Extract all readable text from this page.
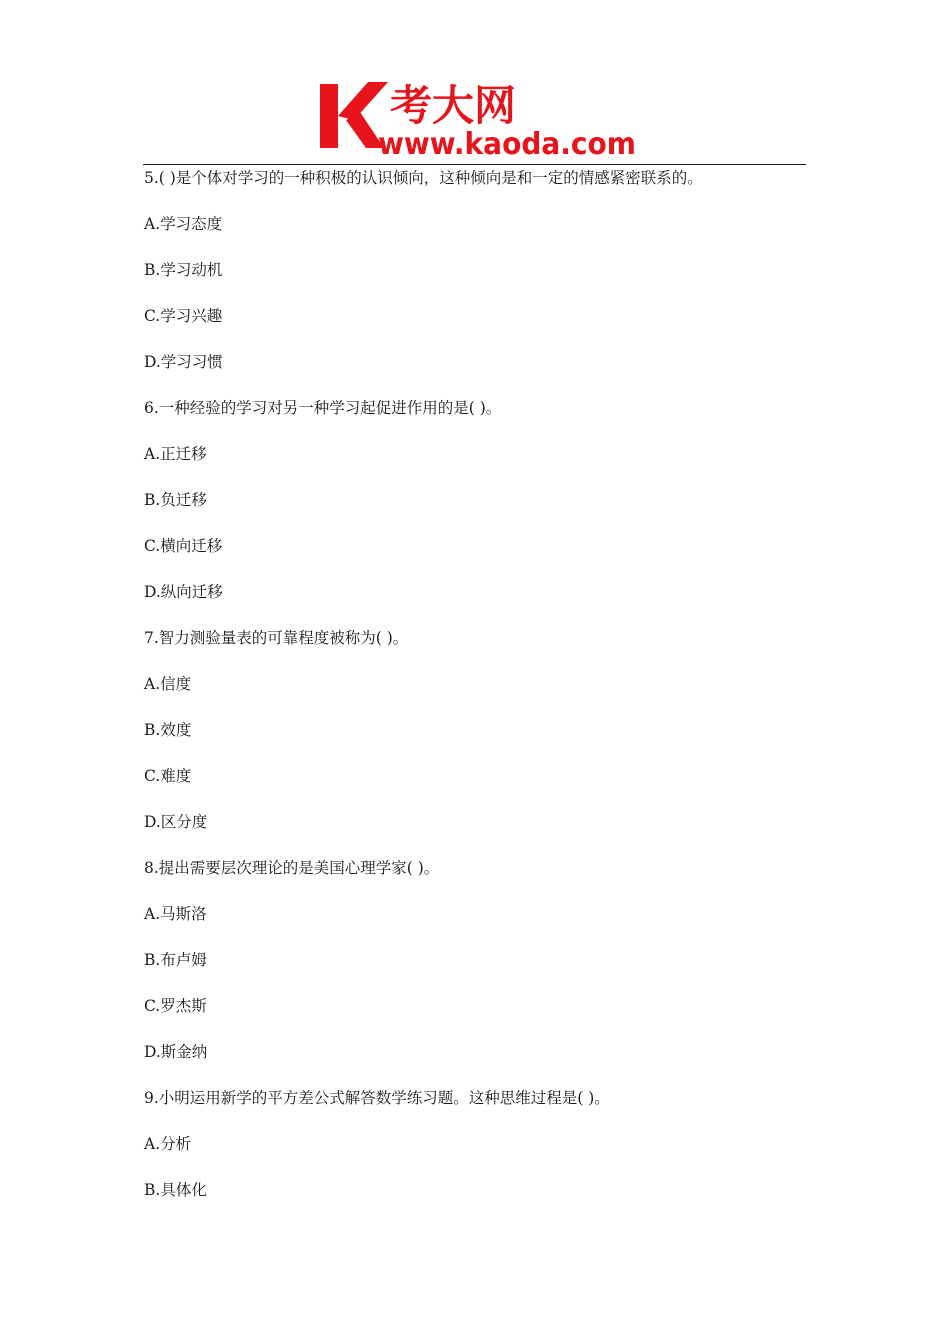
考大网
www.kaoda.com
5.( )是个体对学习的一种积极的认识倾向，这种倾向是和一定的情感紧密联系的。
A.学习态度
B.学习动机
C.学习兴趣
D.学习习惯
6.一种经验的学习对另一种学习起促进作用的是( )。
A.正迁移
B.负迁移
C.横向迁移
D.纵向迁移
7.智力测验量表的可靠程度被称为( )。
A.信度
B.效度
C.难度
D.区分度
8.提出需要层次理论的是美国心理学家( )。
A.马斯洛
B.布卢姆
C.罗杰斯
D.斯金纳
9.小明运用新学的平方差公式解答数学练习题。这种思维过程是( )。
A.分析
B.具体化
